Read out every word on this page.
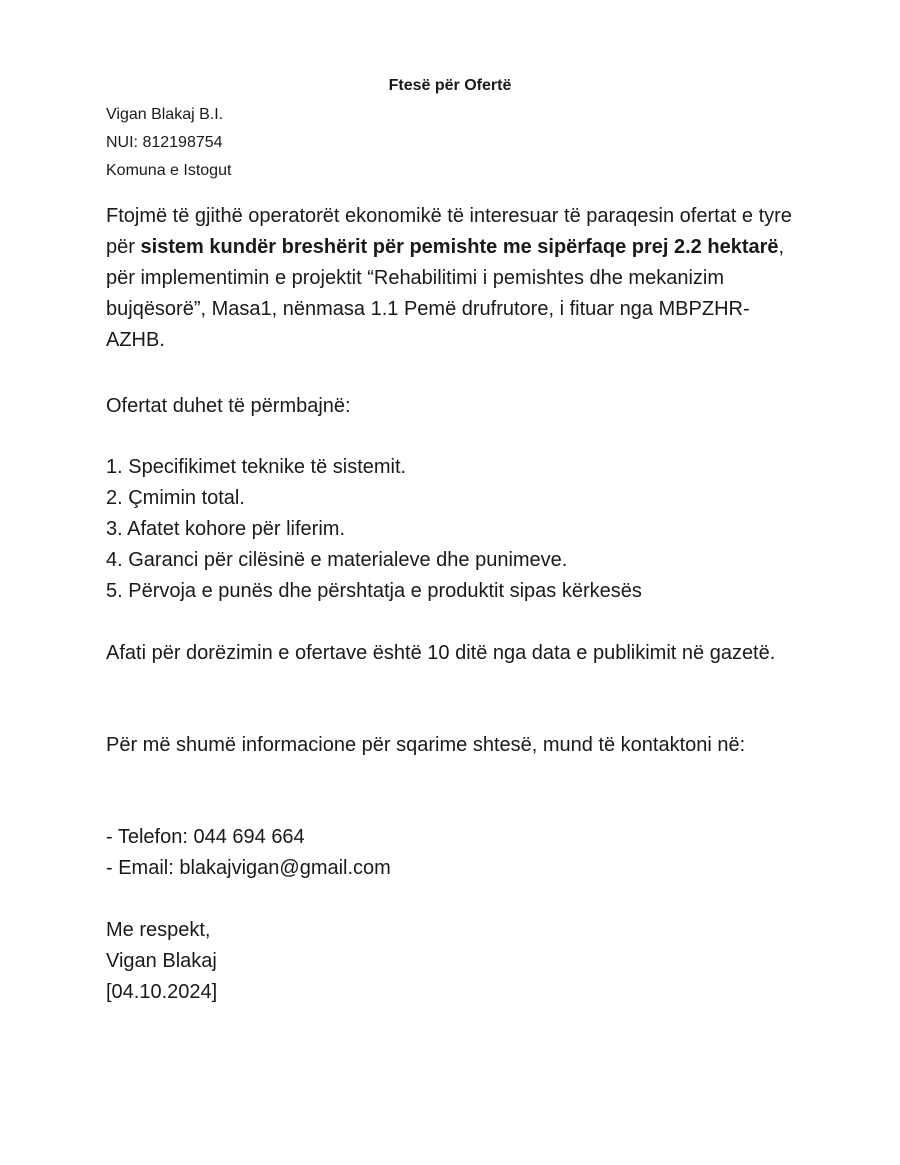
Ftesë për Ofertë
Vigan Blakaj B.I.
NUI: 812198754
Komuna e Istogut

Ftojmë të gjithë operatorët ekonomikë të interesuar të paraqesin ofertat e tyre për sistem kundër breshërit për pemishte me sipërfaqe prej 2.2 hektarë, për implementimin e projektit “Rehabilitimi i pemishtes dhe mekanizim bujqësorë”, Masa1, nënmasa 1.1 Pemë drufrutore, i fituar nga MBPZHR-AZHB.

Ofertat duhet të përmbajnë:
1. Specifikimet teknike të sistemit.
2. Çmimin total.
3. Afatet kohore për liferim.
4. Garanci për cilësinë e materialeve dhe punimeve.
5. Përvoja e punës dhe përshtatja e produktit sipas kërkesës
Afati për dorëzimin e ofertave është 10 ditë nga data e publikimit në gazetë.
Për më shumë informacione për sqarime shtesë, mund të kontaktoni në:
- Telefon: 044 694 664
- Email: blakajvigan@gmail.com
Me respekt,
Vigan Blakaj
[04.10.2024]
